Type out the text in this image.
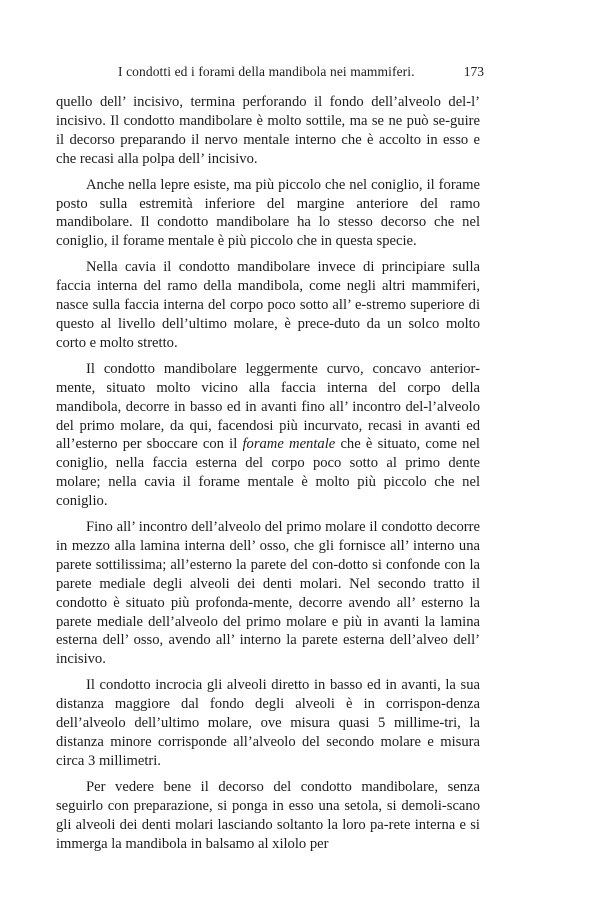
I condotti ed i forami della mandibola nei mammiferi.	173

quello dell’ incisivo, termina perforando il fondo dell’alveolo del-l’ incisivo. Il condotto mandibolare è molto sottile, ma se ne può se-guire il decorso preparando il nervo mentale interno che è accolto in esso e che recasi alla polpa dell’ incisivo.

Anche nella lepre esiste, ma più piccolo che nel coniglio, il forame posto sulla estremità inferiore del margine anteriore del ramo mandibolare. Il condotto mandibolare ha lo stesso decorso che nel coniglio, il forame mentale è più piccolo che in questa specie.

Nella cavia il condotto mandibolare invece di principiare sulla faccia interna del ramo della mandibola, come negli altri mammiferi, nasce sulla faccia interna del corpo poco sotto all’ e-stremo superiore di questo al livello dell’ultimo molare, è prece-duto da un solco molto corto e molto stretto.

Il condotto mandibolare leggermente curvo, concavo anterior-mente, situato molto vicino alla faccia interna del corpo della mandibola, decorre in basso ed in avanti fino all’ incontro del-l’alveolo del primo molare, da qui, facendosi più incurvato, recasi in avanti ed all’esterno per sboccare con il forame mentale che è situato, come nel coniglio, nella faccia esterna del corpo poco sotto al primo dente molare; nella cavia il forame mentale è molto più piccolo che nel coniglio.

Fino all’ incontro dell’alveolo del primo molare il condotto decorre in mezzo alla lamina interna dell’ osso, che gli fornisce all’ interno una parete sottilissima; all’esterno la parete del con-dotto si confonde con la parete mediale degli alveoli dei denti molari. Nel secondo tratto il condotto è situato più profonda-mente, decorre avendo all’ esterno la parete mediale dell’alveolo del primo molare e più in avanti la lamina esterna dell’ osso, avendo all’ interno la parete esterna dell’alveo dell’ incisivo.

Il condotto incrocia gli alveoli diretto in basso ed in avanti, la sua distanza maggiore dal fondo degli alveoli è in corrispon-denza dell’alveolo dell’ultimo molare, ove misura quasi 5 millime-tri, la distanza minore corrisponde all’alveolo del secondo molare e misura circa 3 millimetri.

Per vedere bene il decorso del condotto mandibolare, senza seguirlo con preparazione, si ponga in esso una setola, si demoli-scano gli alveoli dei denti molari lasciando soltanto la loro pa-rete interna e si immerga la mandibola in balsamo al xilolo per
